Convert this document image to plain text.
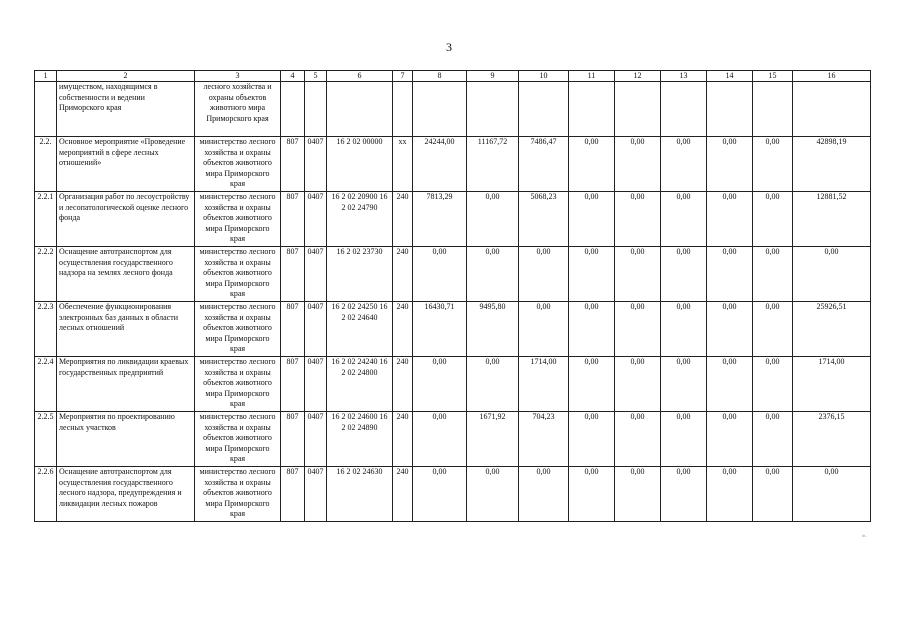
3
1	2	3	4	5	6	7	8	9	10	11	12	13	14	15	16
	имуществом, находящимся в собственности и ведении Приморского края	лесного хозяйства и охраны объектов животного мира Приморского края													
2.2.	Основное мероприятие «Проведение мероприятий в сфере лесных отношений»	министерство лесного хозяйства и охраны объектов животного мира Приморского края	807	0407	16 2 02 00000	хх	24244,00	11167,72	7486,47	0,00	0,00	0,00	0,00	0,00	42898,19
2.2.1	Организация работ по лесоустройству и лесопатологической оценке лесного фонда	министерство лесного хозяйства и охраны объектов животного мира Приморского края	807	0407	16 2 02 20900 16 2 02 24790	240	7813,29	0,00	5068,23	0,00	0,00	0,00	0,00	0,00	12881,52
2.2.2	Оснащение автотранспортом для осуществления государственного надзора на землях лесного фонда	министерство лесного хозяйства и охраны объектов животного мира Приморского края	807	0407	16 2 02 23730	240	0,00	0,00	0,00	0,00	0,00	0,00	0,00	0,00	0,00
2.2.3	Обеспечение функционирования электронных баз данных в области лесных отношений	министерство лесного хозяйства и охраны объектов животного мира Приморского края	807	0407	16 2 02 24250 16 2 02 24640	240	16430,71	9495,80	0,00	0,00	0,00	0,00	0,00	0,00	25926,51
2.2.4	Мероприятия по ликвидации краевых государственных предприятий	министерство лесного хозяйства и охраны объектов животного мира Приморского края	807	0407	16 2 02 24240 16 2 02 24800	240	0,00	0,00	1714,00	0,00	0,00	0,00	0,00	0,00	1714,00
2.2.5	Мероприятия по проектированию лесных участков	министерство лесного хозяйства и охраны объектов животного мира Приморского края	807	0407	16 2 02 24600 16 2 02 24890	240	0,00	1671,92	704,23	0,00	0,00	0,00	0,00	0,00	2376,15
2.2.6	Оснащение автотранспортом для осуществления государственного лесного надзора, предупреждения и ликвидации лесных пожаров	министерство лесного хозяйства и охраны объектов животного мира Приморского края	807	0407	16 2 02 24630	240	0,00	0,00	0,00	0,00	0,00	0,00	0,00	0,00	0,00
».
